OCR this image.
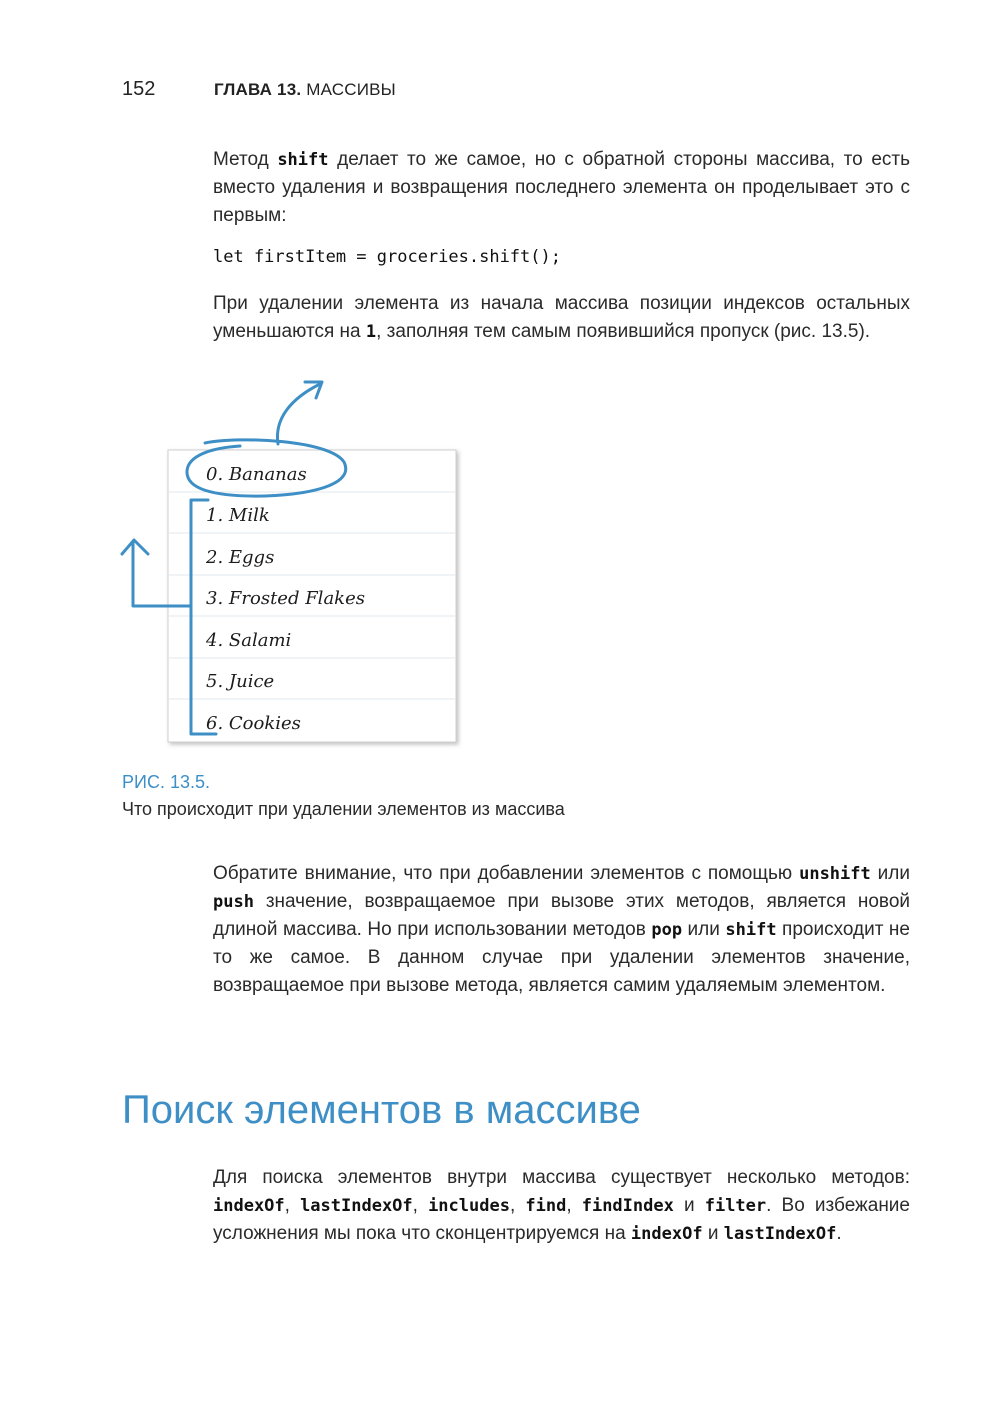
152	ГЛАВА 13. МАССИВЫ

Метод shift делает то же самое, но с обратной стороны массива, то есть вместо удаления и возвращения последнего элемента он проделывает это с первым:

let firstItem = groceries.shift();

При удалении элемента из начала массива позиции индексов остальных уменьшаются на 1, заполняя тем самым появившийся пропуск (рис. 13.5).

0. Bananas
1. Milk
2. Eggs
3. Frosted Flakes
4. Salami
5. Juice
6. Cookies
РИС. 13.5.
Что происходит при удалении элементов из массива

Обратите внимание, что при добавлении элементов с помощью unshift или push значение, возвращаемое при вызове этих методов, является новой длиной массива. Но при использовании методов pop или shift происходит не то же самое. В данном случае при удалении элементов значение, возвращаемое при вызове метода, является самим удаляемым элементом.

Поиск элементов в массиве

Для поиска элементов внутри массива существует несколько методов: indexOf, lastIndexOf, includes, find, findIndex и filter. Во избежание усложнения мы пока что сконцентрируемся на indexOf и lastIndexOf.
